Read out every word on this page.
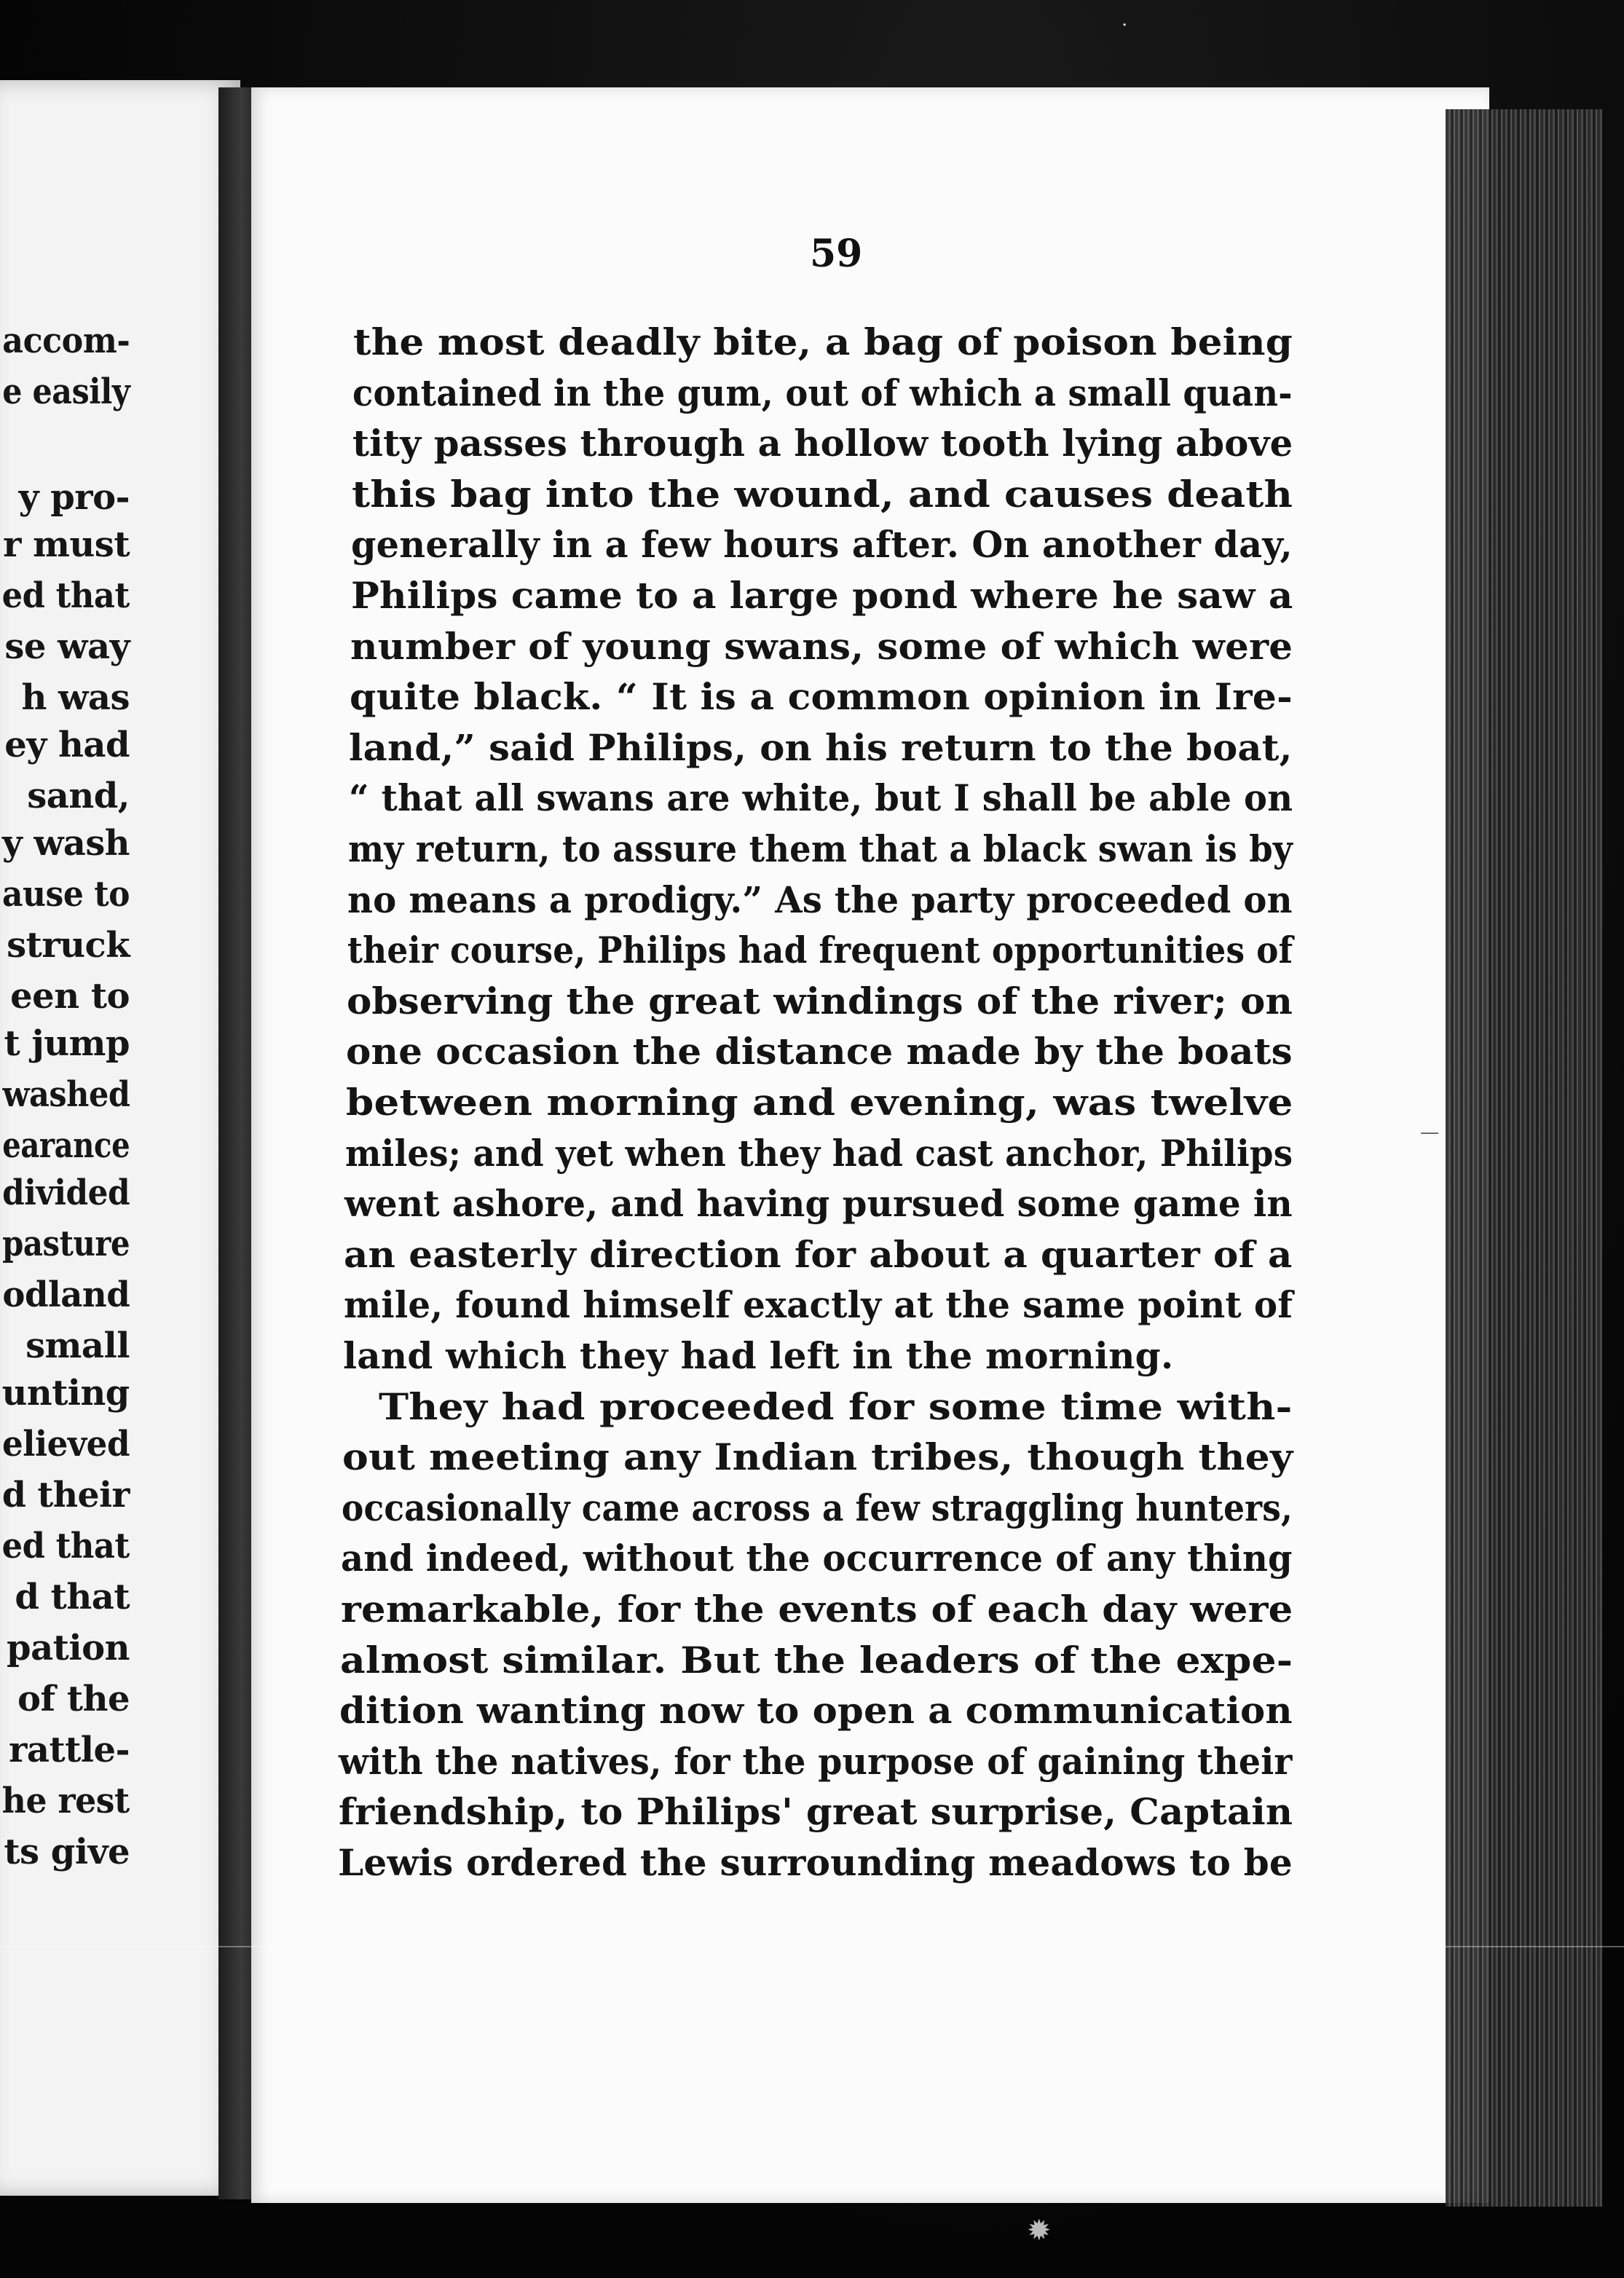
accom-
e easily
y pro-
r must
ed that
se way
h was
ey had
sand,
y wash
ause to
struck
een to
t jump
washed
earance
divided
pasture
odland
small
unting
elieved
d their
ed that
d that
pation
of the
rattle-
he rest
ts give
59
the most deadly bite, a bag of poison being
contained in the gum, out of which a small quan-
tity passes through a hollow tooth lying above
this bag into the wound, and causes death
generally in a few hours after. On another day,
Philips came to a large pond where he saw a
number of young swans, some of which were
quite black. “ It is a common opinion in Ire-
land,” said Philips, on his return to the boat,
“ that all swans are white, but I shall be able on
my return, to assure them that a black swan is by
no means a prodigy.” As the party proceeded on
their course, Philips had frequent opportunities of
observing the great windings of the river; on
one occasion the distance made by the boats
between morning and evening, was twelve
miles; and yet when they had cast anchor, Philips
went ashore, and having pursued some game in
an easterly direction for about a quarter of a
mile, found himself exactly at the same point of
land which they had left in the morning.
They had proceeded for some time with-
out meeting any Indian tribes, though they
occasionally came across a few straggling hunters,
and indeed, without the occurrence of any thing
remarkable, for the events of each day were
almost similar. But the leaders of the expe-
dition wanting now to open a communication
with the natives, for the purpose of gaining their
friendship, to Philips' great surprise, Captain
Lewis ordered the surrounding meadows to be
·
—
✹
